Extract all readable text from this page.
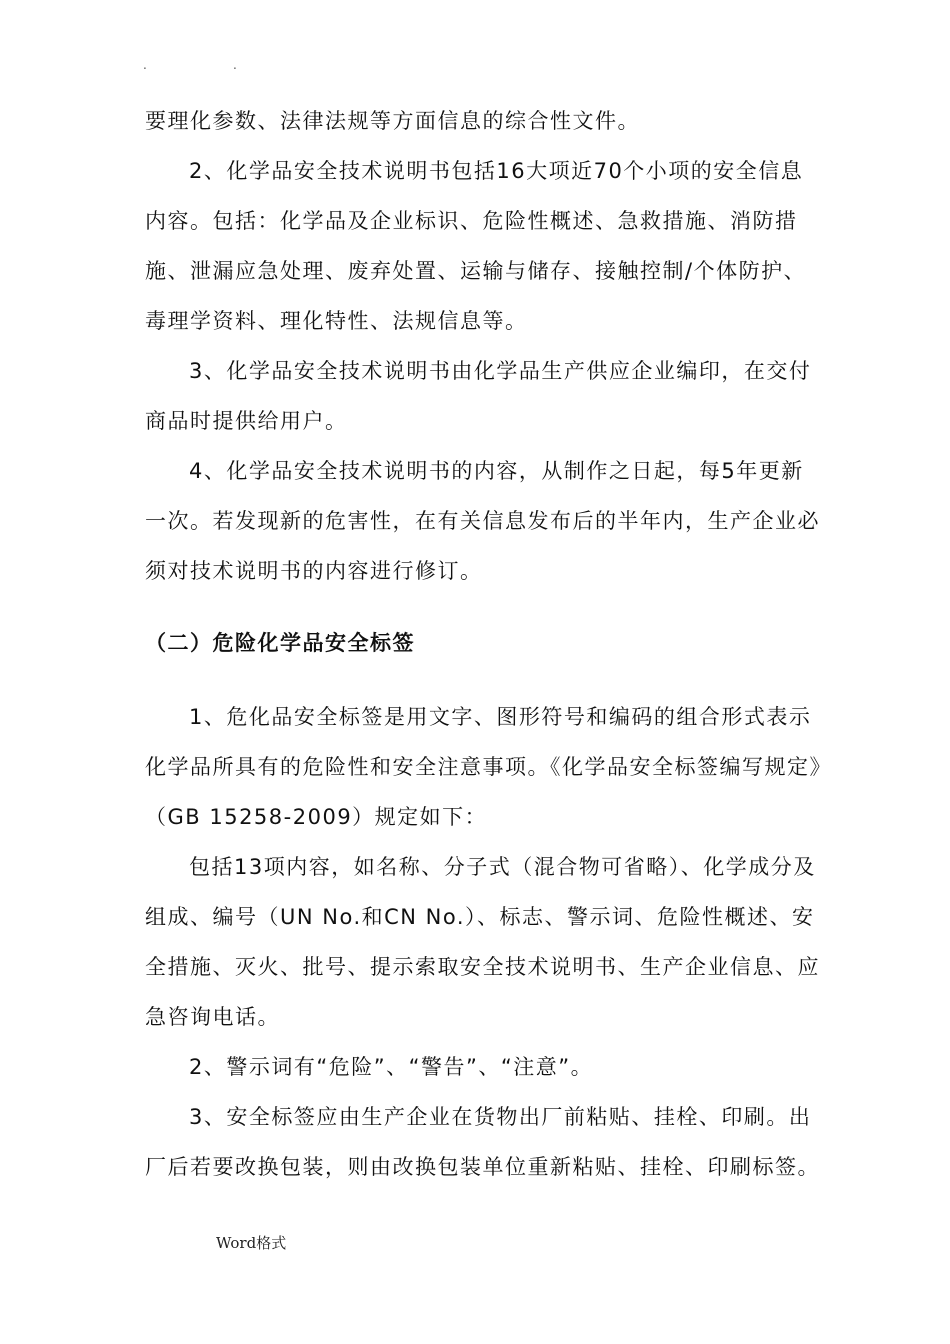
.	.

要理化参数、法律法规等方面信息的综合性文件。

2、化学品安全技术说明书包括16大项近70个小项的安全信息内容。包括：化学品及企业标识、危险性概述、急救措施、消防措施、泄漏应急处理、废弃处置、运输与储存、接触控制/个体防护、毒理学资料、理化特性、法规信息等。

3、化学品安全技术说明书由化学品生产供应企业编印，在交付商品时提供给用户。

4、化学品安全技术说明书的内容，从制作之日起，每5年更新一次。若发现新的危害性，在有关信息发布后的半年内，生产企业必须对技术说明书的内容进行修订。

（二）危险化学品安全标签

1、危化品安全标签是用文字、图形符号和编码的组合形式表示化学品所具有的危险性和安全注意事项。《化学品安全标签编写规定》（GB 15258-2009）规定如下：

包括13项内容，如名称、分子式（混合物可省略）、化学成分及组成、编号（UN No.和CN No.）、标志、警示词、危险性概述、安全措施、灭火、批号、提示索取安全技术说明书、生产企业信息、应急咨询电话。

2、警示词有“危险”、“警告”、“注意”。

3、安全标签应由生产企业在货物出厂前粘贴、挂栓、印刷。出厂后若要改换包装，则由改换包装单位重新粘贴、挂栓、印刷标签。

Word格式
